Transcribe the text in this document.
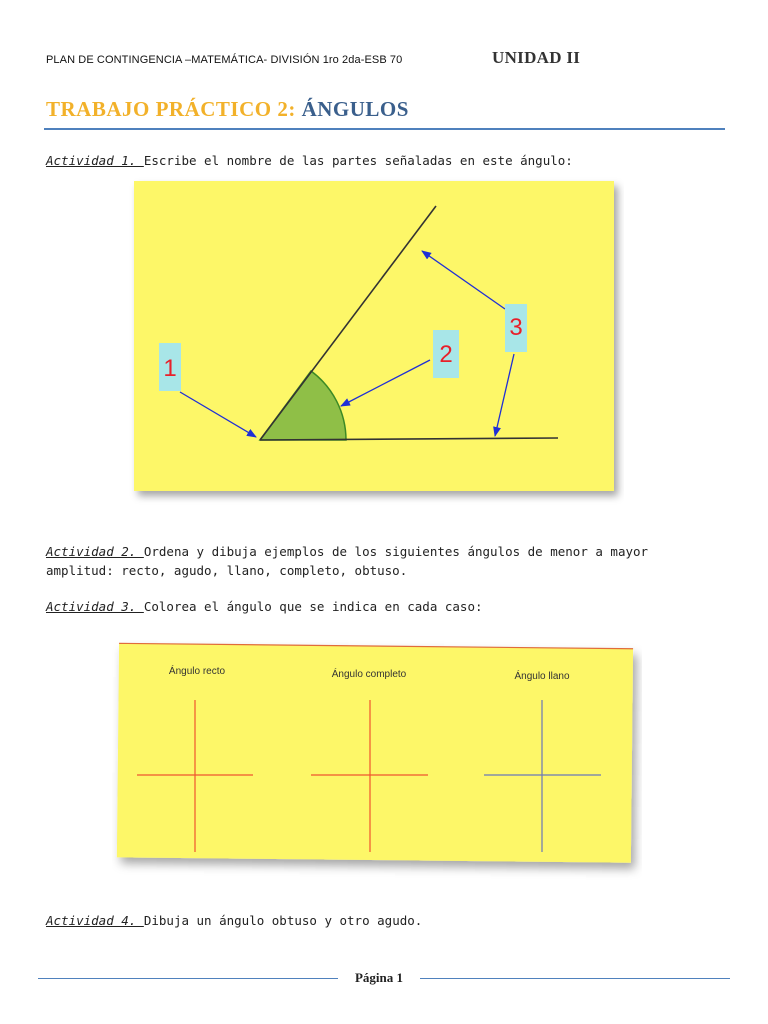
PLAN DE CONTINGENCIA –MATEMÁTICA- DIVISIÓN 1ro 2da-ESB 70	UNIDAD II
TRABAJO PRÁCTICO 2: ÁNGULOS
Actividad 1. Escribe el nombre de las partes señaladas en este ángulo:
1
2
3
Actividad 2. Ordena y dibuja ejemplos de los siguientes ángulos de menor a mayor amplitud: recto, agudo, llano, completo, obtuso.
Actividad 3. Colorea el ángulo que se indica en cada caso:
Ángulo recto	Ángulo completo	Ángulo llano
Actividad 4. Dibuja un ángulo obtuso y otro agudo.
Página 1
